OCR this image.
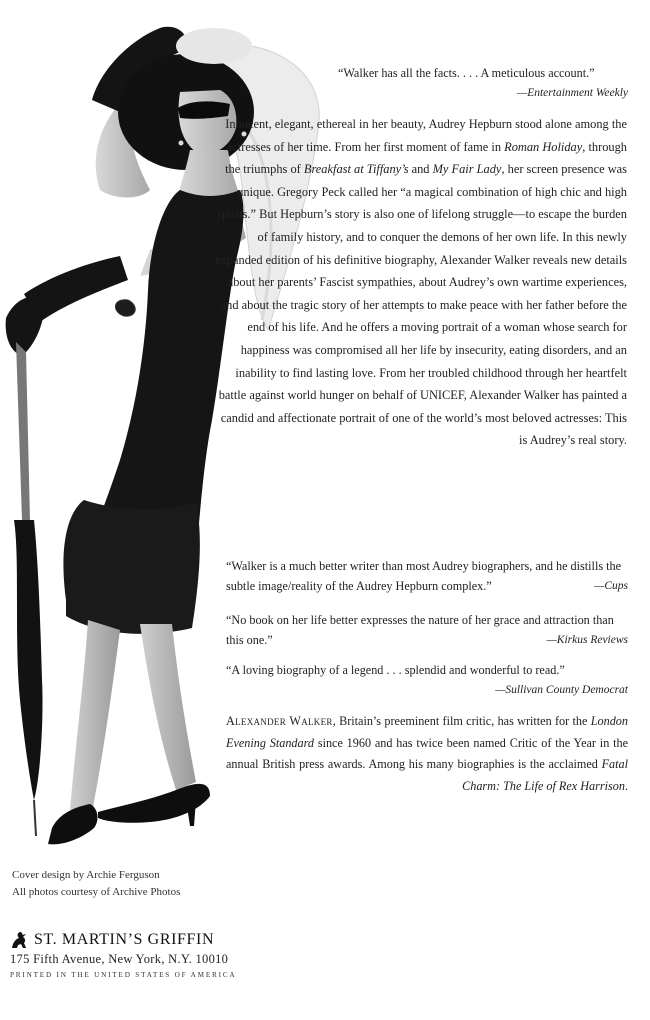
“Walker has all the facts. . . . A meticulous account.”
—Entertainment Weekly

Innocent, elegant, ethereal in her beauty, Audrey Hepburn stood alone among the actresses of her time. From her first moment of fame in Roman Holiday, through the triumphs of Breakfast at Tiffany’s and My Fair Lady, her screen presence was unique. Gregory Peck called her “a magical combination of high chic and high spirits.” But Hepburn’s story is also one of lifelong struggle—to escape the burden of family history, and to conquer the demons of her own life. In this newly expanded edition of his definitive biography, Alexander Walker reveals new details about her parents’ Fascist sympathies, about Audrey’s own wartime experiences, and about the tragic story of her attempts to make peace with her father before the end of his life. And he offers a moving portrait of a woman whose search for happiness was compromised all her life by insecurity, eating disorders, and an inability to find lasting love. From her troubled childhood through her heartfelt battle against world hunger on behalf of UNICEF, Alexander Walker has painted a candid and affectionate portrait of one of the world’s most beloved actresses: This is Audrey’s real story.

“Walker is a much better writer than most Audrey biographers, and he distills the subtle image/reality of the Audrey Hepburn complex.”	—Cups
“No book on her life better expresses the nature of her grace and attraction than this one.”	—Kirkus Reviews
“A loving biography of a legend . . . splendid and wonderful to read.”
—Sullivan County Democrat

Alexander Walker, Britain’s preeminent film critic, has written for the London Evening Standard since 1960 and has twice been named Critic of the Year in the annual British press awards. Among his many biographies is the acclaimed Fatal Charm: The Life of Rex Harrison.

Cover design by Archie Ferguson
All photos courtesy of Archive Photos
ST. MARTIN’S GRIFFIN
175 Fifth Avenue, New York, N.Y. 10010
PRINTED IN THE UNITED STATES OF AMERICA
